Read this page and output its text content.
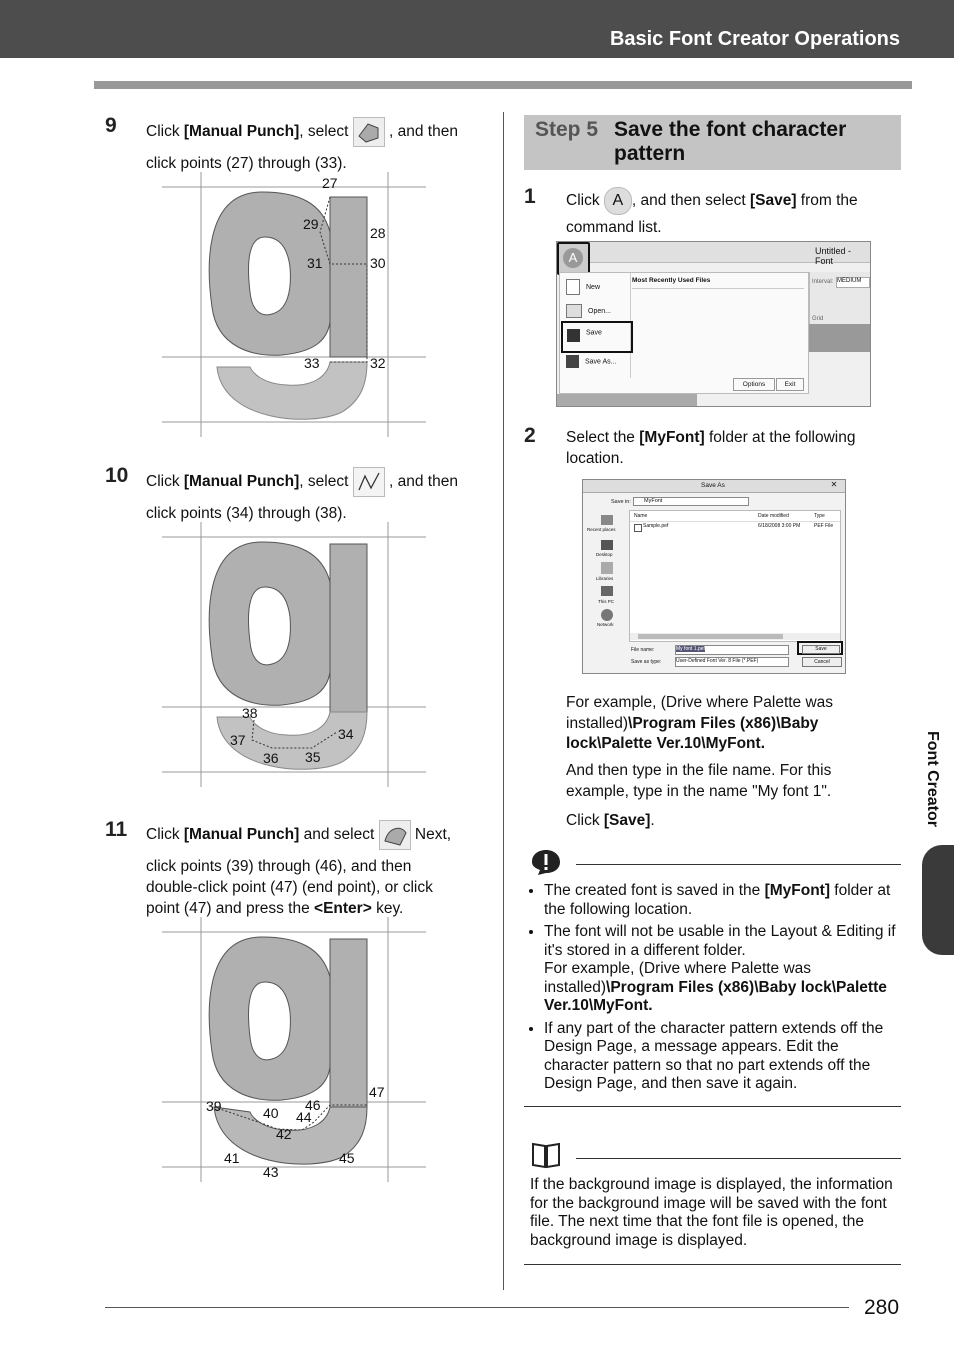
Basic Font Creator Operations
9 Click [Manual Punch], select  , and then
click points (27) through (33).
27
29
28
31	30
33	32
10 Click [Manual Punch], select  , and then
click points (34) through (38).
38
37	34
36 35
11 Click [Manual Punch] and select  Next,
click points (39) through (46), and then
double-click point (47) (end point), or click
point (47) and press the <Enter> key.
47
39	40 46
44
42
41	45
43
Step 5 Save the font character pattern
1 Click A , and then select [Save] from the
command list.
Untitled - Font
A
Most Recently Used Files
New
Open...
Save
Save As...
Options	Exit
Interval: MEDIUM
Grid
2 Select the [MyFont] folder at the following
location.
Save As	✕
Save in:	MyFont
Recent places
Desktop
Libraries
This PC
Network
Name	Date modified	Type
Sample.pef	6/18/2008 3:00 PM	PEF File
File name:	My font 1.pef
Save as type:	User-Defined Font Ver. 8 File (*.PEF)
Save
Cancel
For example, (Drive where Palette was
installed)\Program Files (x86)\Baby
lock\Palette Ver.10\MyFont.
And then type in the file name. For this
example, type in the name "My font 1".
Click [Save].
• The created font is saved in the [MyFont] folder at the following location.
• The font will not be usable in the Layout & Editing if it's stored in a different folder.
For example, (Drive where Palette was installed)\Program Files (x86)\Baby lock\Palette Ver.10\MyFont.
• If any part of the character pattern extends off the Design Page, a message appears. Edit the character pattern so that no part extends off the Design Page, and then save it again.
If the background image is displayed, the information for the background image will be saved with the font file. The next time that the font file is opened, the background image is displayed.
Font Creator
280
